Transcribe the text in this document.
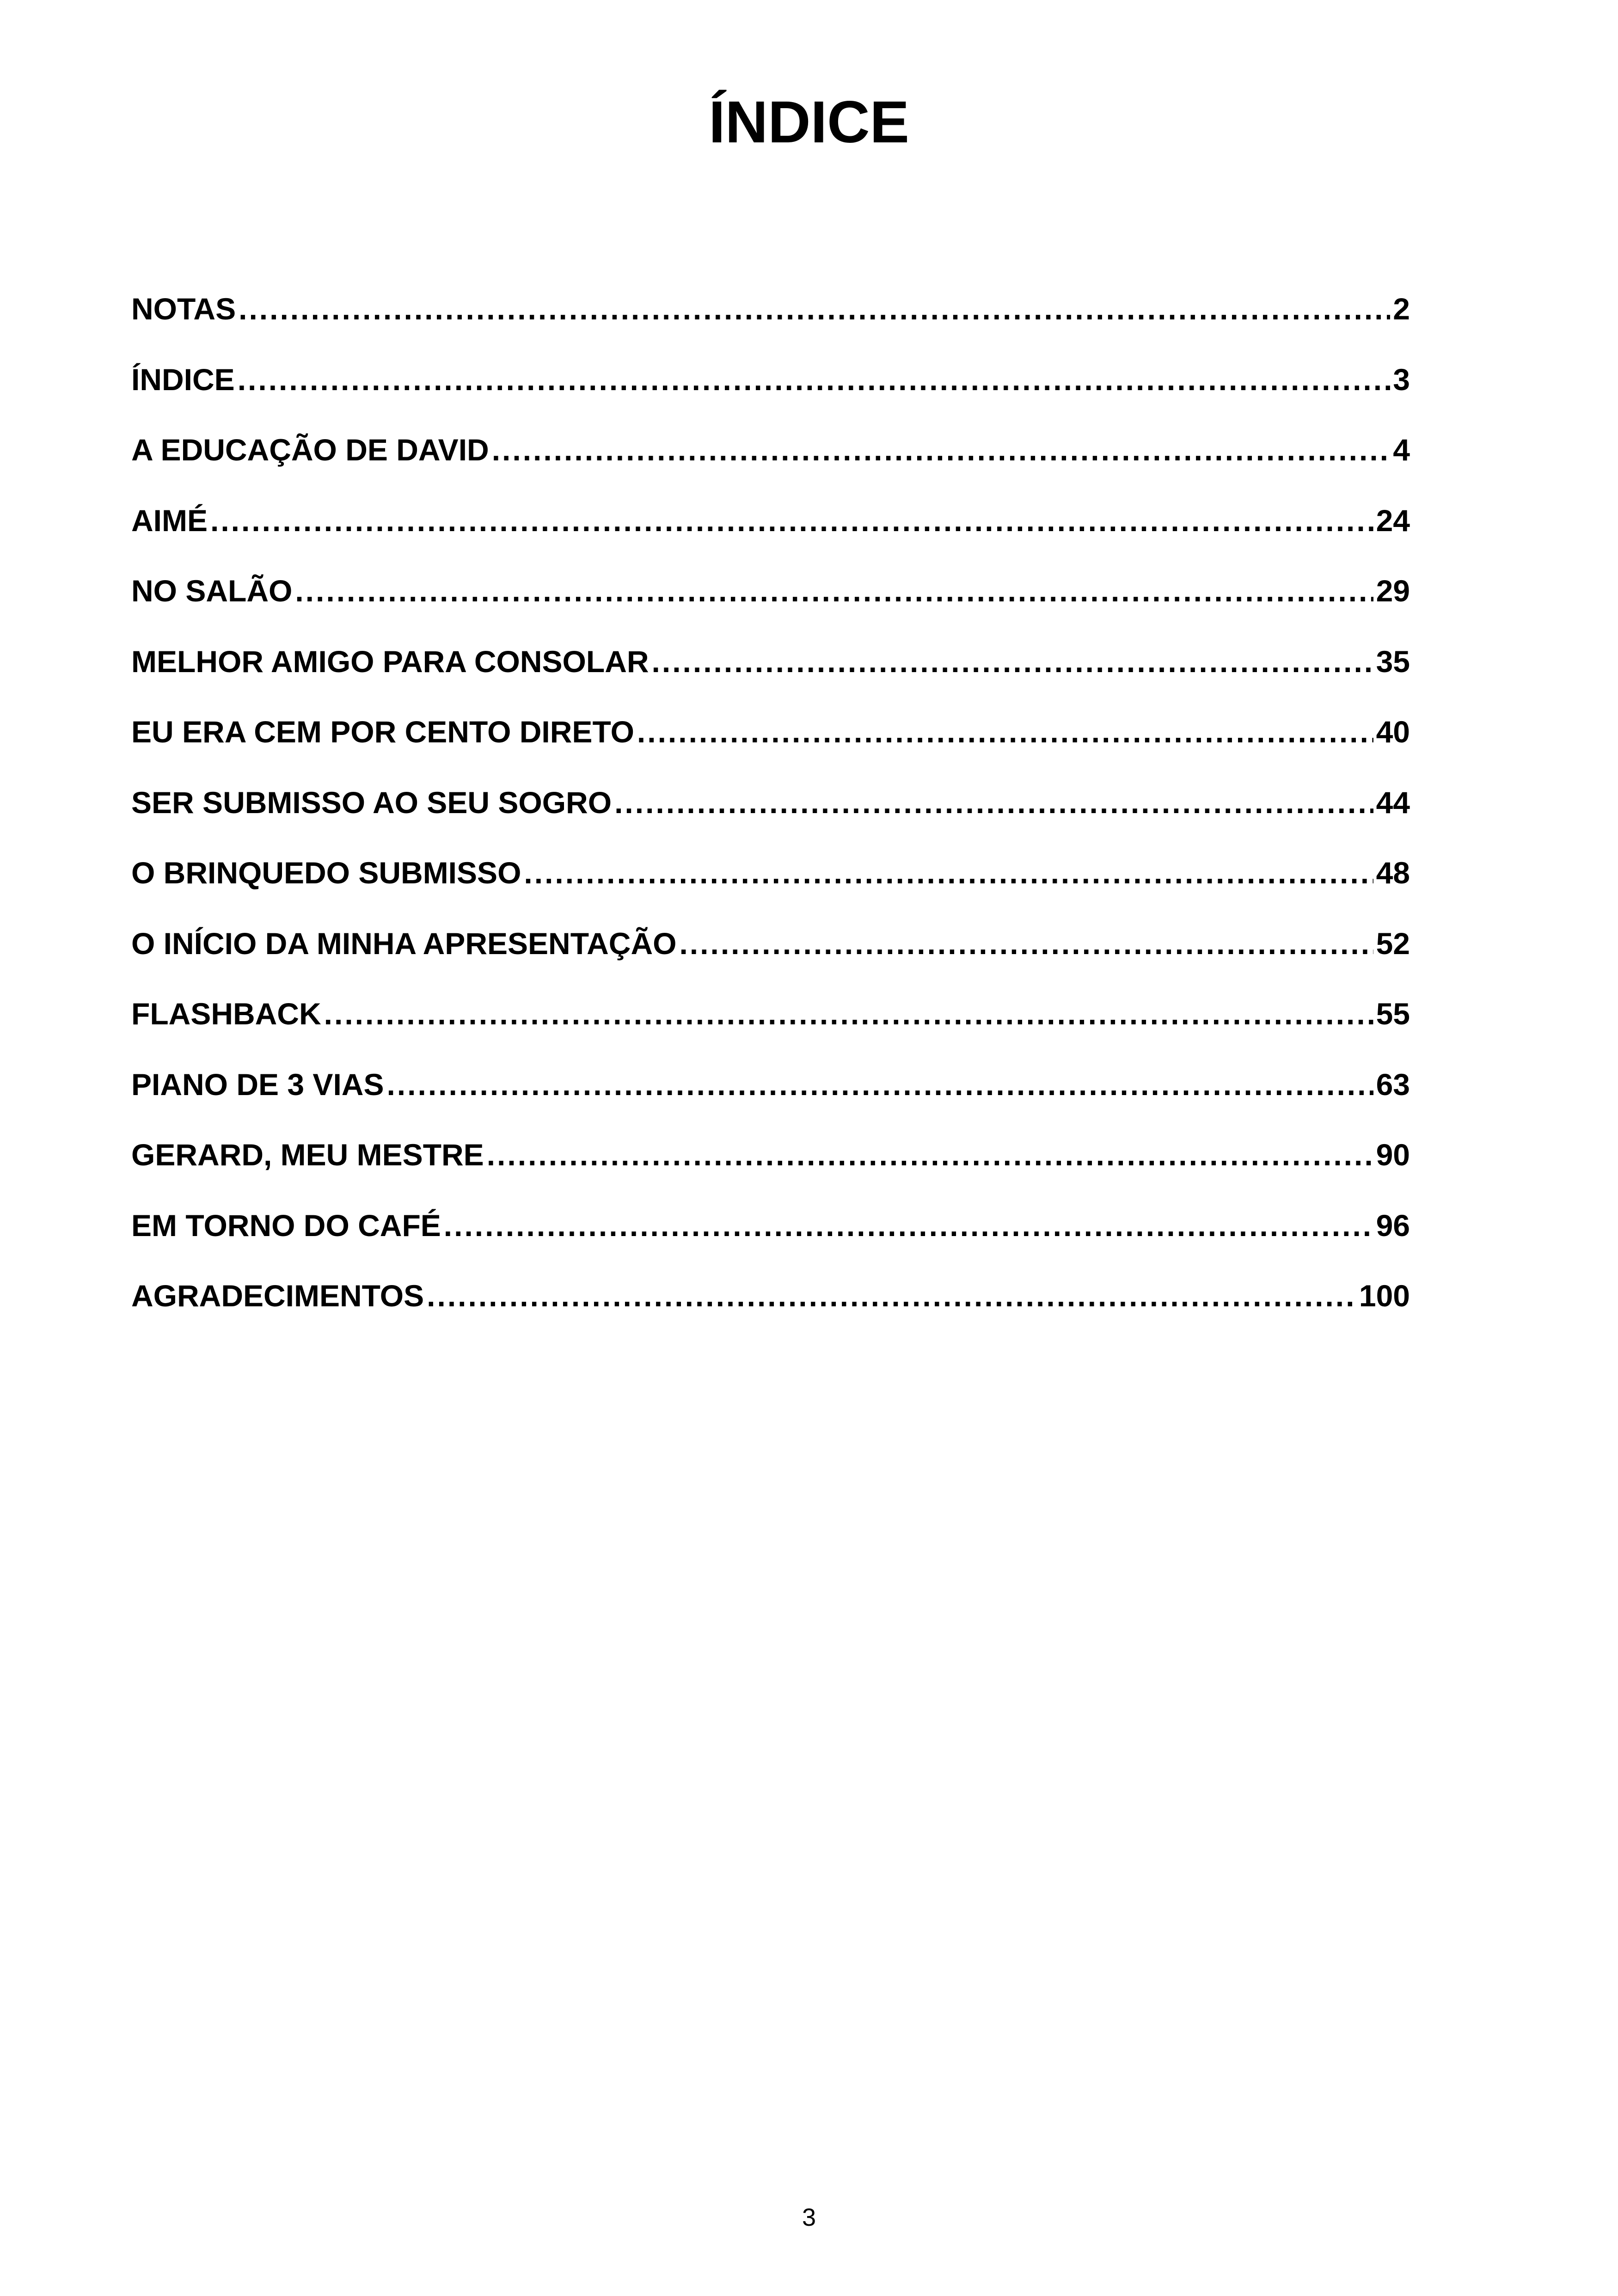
ÍNDICE
NOTAS .....	2
ÍNDICE .....	3
A EDUCAÇÃO DE DAVID .....	4
AIMÉ .....	24
NO SALÃO .....	29
MELHOR AMIGO PARA CONSOLAR .....	35
EU ERA CEM POR CENTO DIRETO .....	40
SER SUBMISSO AO SEU SOGRO .....	44
O BRINQUEDO SUBMISSO .....	48
O INÍCIO DA MINHA APRESENTAÇÃO .....	52
FLASHBACK .....	55
PIANO DE 3 VIAS .....	63
GERARD, MEU MESTRE .....	90
EM TORNO DO CAFÉ .....	96
AGRADECIMENTOS .....	100
3
